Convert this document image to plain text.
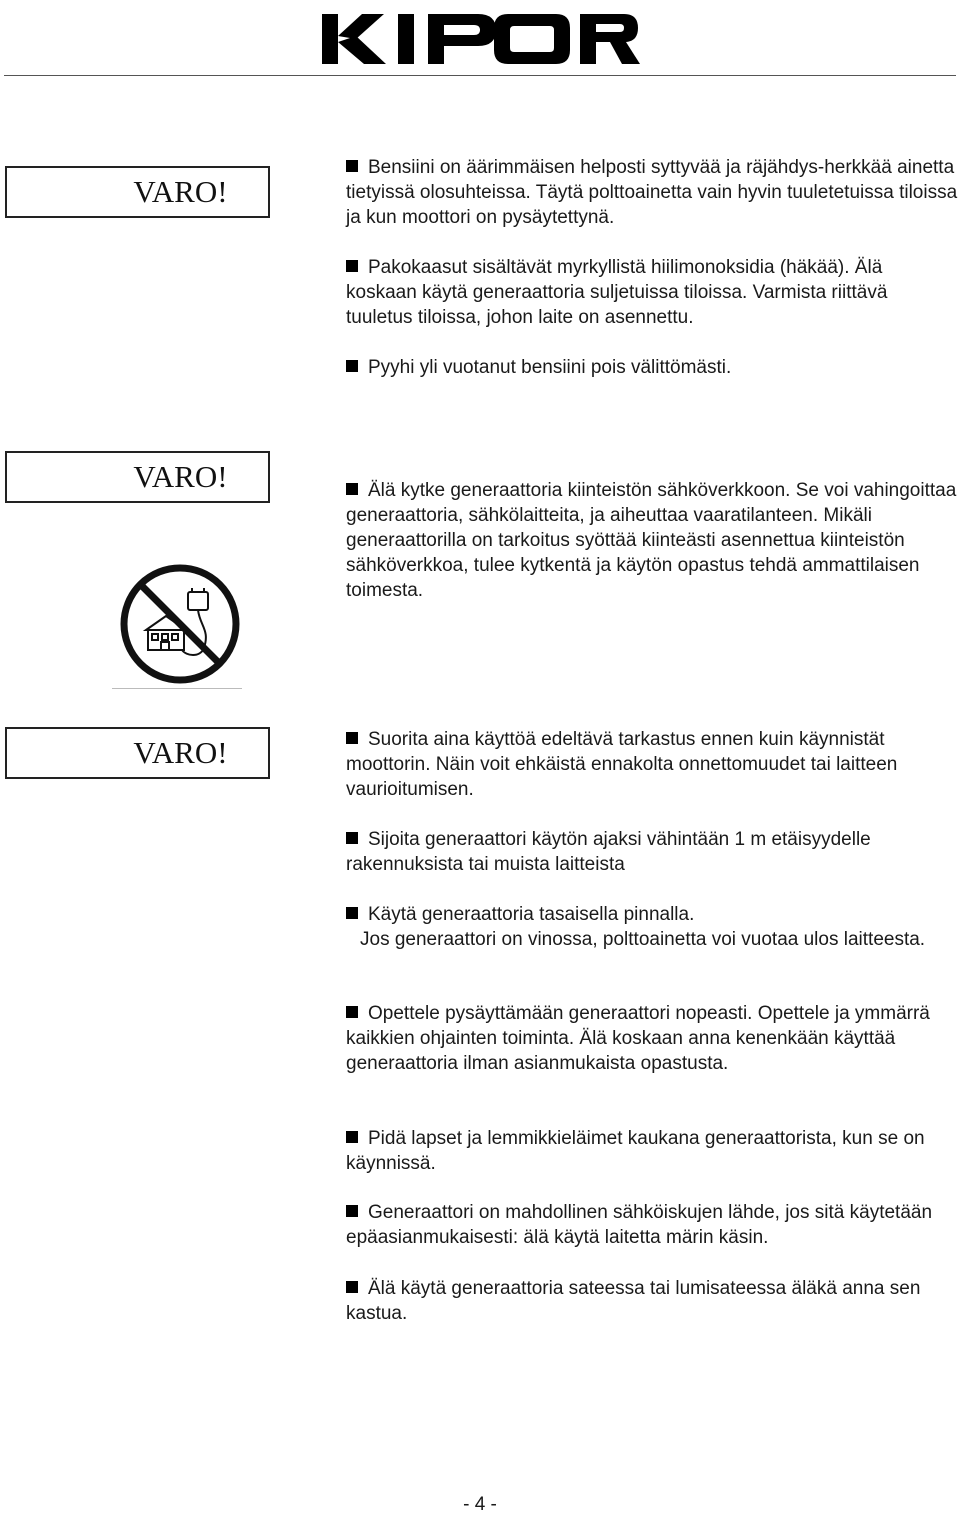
KIPOR
VARO!

Bensiini on äärimmäisen helposti syttyvää ja räjähdys-herkkää ainetta tietyissä olosuhteissa. Täytä polttoainetta vain hyvin tuuletetuissa tiloissa ja kun moottori on pysäytettynä.

Pakokaasut sisältävät myrkyllistä hiilimonoksidia (häkää). Älä koskaan käytä generaattoria suljetuissa tiloissa. Varmista riittävä tuuletus tiloissa, johon laite on asennettu.

Pyyhi yli vuotanut bensiini pois välittömästi.

VARO!	Älä kytke generaattoria kiinteistön sähköverkkoon. Se voi vahingoittaa generaattoria, sähkölaitteita, ja aiheuttaa vaaratilanteen. Mikäli generaattorilla on tarkoitus syöttää kiinteästi asennettua kiinteistön sähköverkkoa, tulee kytkentä ja käytön opastus tehdä ammattilaisen toimesta.

VARO!	Suorita aina käyttöä edeltävä tarkastus ennen kuin käynnistät moottorin. Näin voit ehkäistä ennakolta onnettomuudet tai laitteen vaurioitumisen.

Sijoita generaattori käytön ajaksi vähintään 1 m etäisyydelle rakennuksista tai muista laitteista

Käytä generaattoria tasaisella pinnalla.
Jos generaattori on vinossa, polttoainetta voi vuotaa ulos laitteesta.

Opettele pysäyttämään generaattori nopeasti. Opettele ja ymmärrä kaikkien ohjainten toiminta. Älä koskaan anna kenenkään käyttää generaattoria ilman asianmukaista opastusta.

Pidä lapset ja lemmikkieläimet kaukana generaattorista, kun se on käynnissä.

Generaattori on mahdollinen sähköiskujen lähde, jos sitä käytetään epäasianmukaisesti: älä käytä laitetta märin käsin.

Älä käytä generaattoria sateessa tai lumisateessa äläkä anna sen kastua.

- 4 -
